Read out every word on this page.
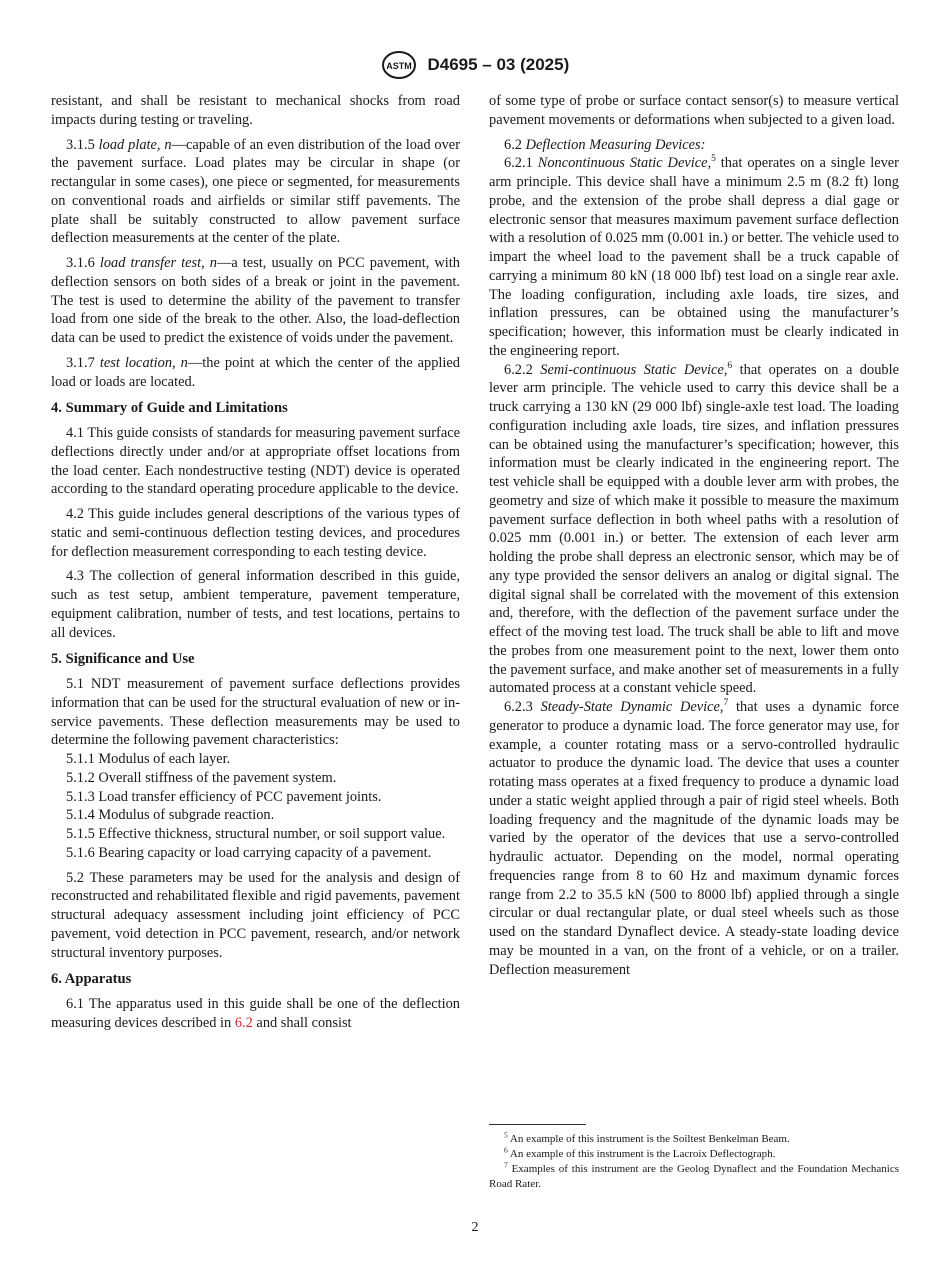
ASTM D4695 – 03 (2025)

resistant, and shall be resistant to mechanical shocks from road impacts during testing or traveling.

3.1.5 load plate, n—capable of an even distribution of the load over the pavement surface. Load plates may be circular in shape (or rectangular in some cases), one piece or segmented, for measurements on conventional roads and airfields or similar stiff pavements. The plate shall be suitably constructed to allow pavement surface deflection measurements at the center of the plate.

3.1.6 load transfer test, n—a test, usually on PCC pavement, with deflection sensors on both sides of a break or joint in the pavement. The test is used to determine the ability of the pavement to transfer load from one side of the break to the other. Also, the load-deflection data can be used to predict the existence of voids under the pavement.

3.1.7 test location, n—the point at which the center of the applied load or loads are located.

4. Summary of Guide and Limitations

4.1 This guide consists of standards for measuring pavement surface deflections directly under and/or at appropriate offset locations from the load center. Each nondestructive testing (NDT) device is operated according to the standard operating procedure applicable to the device.

4.2 This guide includes general descriptions of the various types of static and semi-continuous deflection testing devices, and procedures for deflection measurement corresponding to each testing device.

4.3 The collection of general information described in this guide, such as test setup, ambient temperature, pavement temperature, equipment calibration, number of tests, and test locations, pertains to all devices.

5. Significance and Use

5.1 NDT measurement of pavement surface deflections provides information that can be used for the structural evaluation of new or in-service pavements. These deflection measurements may be used to determine the following pavement characteristics:

5.1.1 Modulus of each layer.

5.1.2 Overall stiffness of the pavement system.

5.1.3 Load transfer efficiency of PCC pavement joints.

5.1.4 Modulus of subgrade reaction.

5.1.5 Effective thickness, structural number, or soil support value.

5.1.6 Bearing capacity or load carrying capacity of a pavement.

5.2 These parameters may be used for the analysis and design of reconstructed and rehabilitated flexible and rigid pavements, pavement structural adequacy assessment including joint efficiency of PCC pavement, void detection in PCC pavement, research, and/or network structural inventory purposes.

6. Apparatus

6.1 The apparatus used in this guide shall be one of the deflection measuring devices described in 6.2 and shall consist

of some type of probe or surface contact sensor(s) to measure vertical pavement movements or deformations when subjected to a given load.

6.2 Deflection Measuring Devices:

6.2.1 Noncontinuous Static Device,$^5$ that operates on a single lever arm principle. This device shall have a minimum 2.5 m (8.2 ft) long probe, and the extension of the probe shall depress a dial gage or electronic sensor that measures maximum pavement surface deflection with a resolution of 0.025 mm (0.001 in.) or better. The vehicle used to impart the wheel load to the pavement shall be a truck capable of carrying a minimum 80 kN (18 000 lbf) test load on a single rear axle. The loading configuration, including axle loads, tire sizes, and inflation pressures, can be obtained using the manufacturer’s specification; however, this information must be clearly indicated in the engineering report.

6.2.2 Semi-continuous Static Device,$^6$ that operates on a double lever arm principle. The vehicle used to carry this device shall be a truck carrying a 130 kN (29 000 lbf) single-axle test load. The loading configuration including axle loads, tire sizes, and inflation pressures can be obtained using the manufacturer’s specification; however, this information must be clearly indicated in the engineering report. The test vehicle shall be equipped with a double lever arm with probes, the geometry and size of which make it possible to measure the maximum pavement surface deflection in both wheel paths with a resolution of 0.025 mm (0.001 in.) or better. The extension of each lever arm holding the probe shall depress an electronic sensor, which may be of any type provided the sensor delivers an analog or digital signal. The digital signal shall be correlated with the movement of this extension and, therefore, with the deflection of the pavement surface under the effect of the moving test load. The truck shall be able to lift and move the probes from one measurement point to the next, lower them onto the pavement surface, and make another set of measurements in a fully automated process at a constant vehicle speed.

6.2.3 Steady-State Dynamic Device,$^7$ that uses a dynamic force generator to produce a dynamic load. The force generator may use, for example, a counter rotating mass or a servo-controlled hydraulic actuator to produce the dynamic load. The device that uses a counter rotating mass operates at a fixed frequency to produce a dynamic load under a static weight applied through a pair of rigid steel wheels. Both loading frequency and the magnitude of the dynamic loads may be varied by the operator of the devices that use a servo-controlled hydraulic actuator. Depending on the model, normal operating frequencies range from 8 to 60 Hz and maximum dynamic forces range from 2.2 to 35.5 kN (500 to 8000 lbf) applied through a single circular or dual rectangular plate, or dual steel wheels such as those used on the standard Dynaflect device. A steady-state loading device may be mounted in a van, on the front of a vehicle, or on a trailer. Deflection measurement

$^5$ An example of this instrument is the Soiltest Benkelman Beam.

$^6$ An example of this instrument is the Lacroix Deflectograph.

$^7$ Examples of this instrument are the Geolog Dynaflect and the Foundation Mechanics Road Rater.

2
